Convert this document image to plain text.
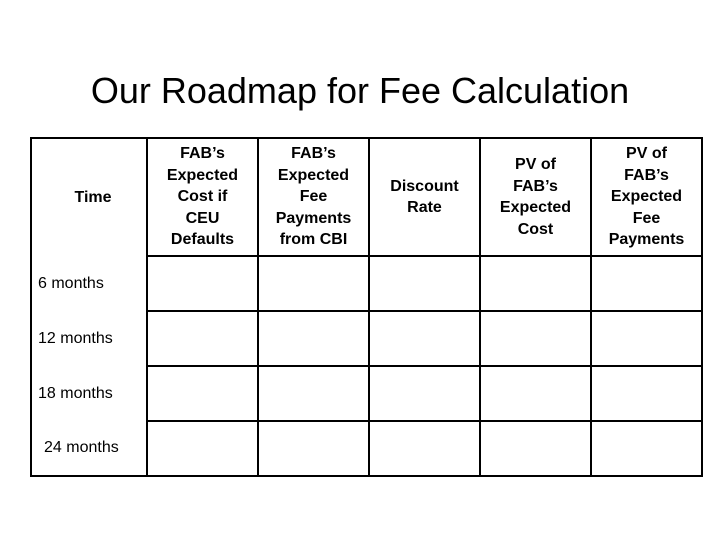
Our Roadmap for Fee Calculation
Time	FAB’s
Expected
Cost if
CEU
Defaults	FAB’s
Expected
Fee
Payments
from CBI	Discount
Rate	PV of
FAB’s
Expected
Cost	PV of
FAB’s
Expected
Fee
Payments
6 months					
12 months					
18 months					
24 months					
